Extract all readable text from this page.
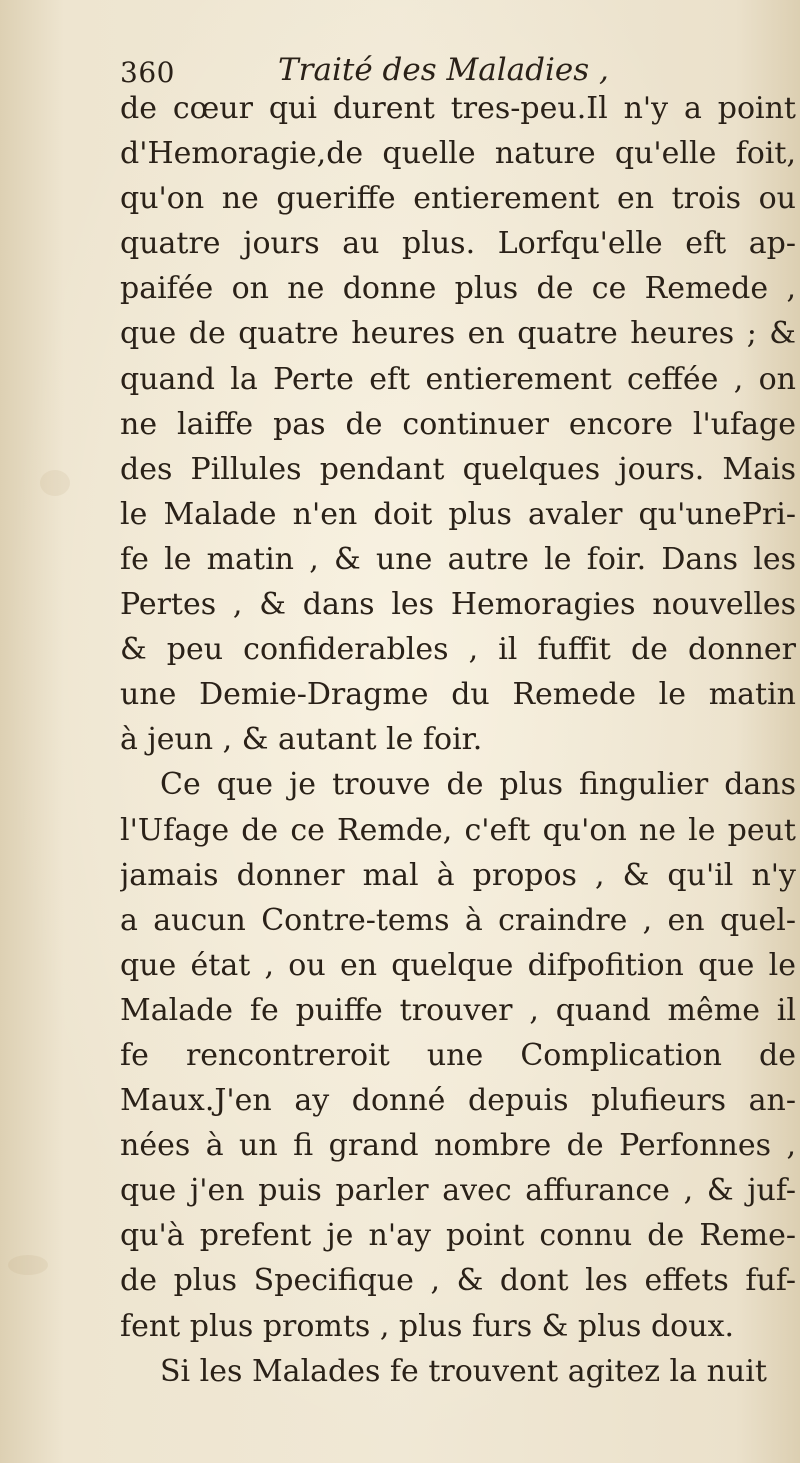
360	Traité des Maladies ,
de cœur qui durent tres-peu.Il n'y a point
d'Hemoragie,de quelle nature qu'elle foit,
qu'on ne gueriffe entierement en trois ou
quatre jours au plus. Lorfqu'elle eft ap-
paifée on ne donne plus de ce Remede ,
que de quatre heures en quatre heures ; &
quand la Perte eft entierement ceffée , on
ne laiffe pas de continuer encore l'ufage
des Pillules pendant quelques jours. Mais
le Malade n'en doit plus avaler qu'unePri-
fe le matin , & une autre le foir. Dans les
Pertes , & dans les Hemoragies nouvelles
& peu confiderables , il fuffit de donner
une Demie-Dragme du Remede le matin
à jeun , & autant le foir.
Ce que je trouve de plus fingulier dans
l'Ufage de ce Remde, c'eft qu'on ne le peut
jamais donner mal à propos , & qu'il n'y
a aucun Contre-tems à craindre , en quel-
que état , ou en quelque difpofition que le
Malade fe puiffe trouver , quand même il
fe rencontreroit une Complication de
Maux.J'en ay donné depuis plufieurs an-
nées à un fi grand nombre de Perfonnes ,
que j'en puis parler avec affurance , & juf-
qu'à prefent je n'ay point connu de Reme-
de plus Specifique , & dont les effets fuf-
fent plus promts , plus furs & plus doux.
Si les Malades fe trouvent agitez la nuit
